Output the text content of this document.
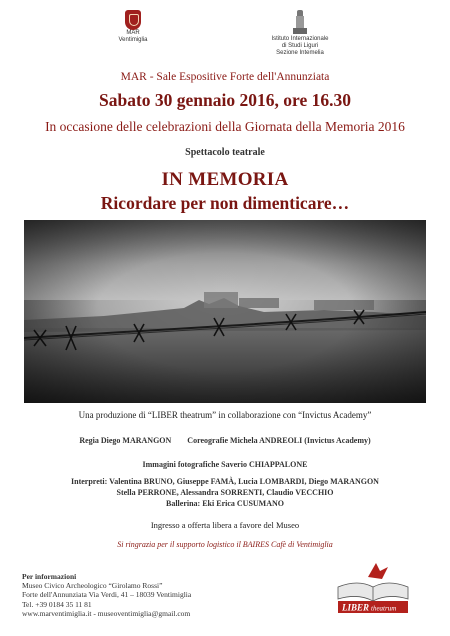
MAR
Ventimiglia	Istituto Internazionale
di Studi Liguri
Sezione Intemelia
MAR - Sale Espositive Forte dell'Annunziata
Sabato 30 gennaio 2016, ore 16.30
In occasione delle celebrazioni della Giornata della Memoria 2016
Spettacolo teatrale
IN MEMORIA
Ricordare per non dimenticare…
Una produzione di “LIBER theatrum” in collaborazione con “Invictus Academy”
Regia Diego MARANGON Coreografie Michela ANDREOLI (Invictus Academy)
Immagini fotografiche Saverio CHIAPPALONE
Interpreti: Valentina BRUNO, Giuseppe FAMÀ, Lucia LOMBARDI, Diego MARANGON
Stella PERRONE, Alessandra SORRENTI, Claudio VECCHIO
Ballerina: Eki Erica CUSUMANO
Ingresso a offerta libera a favore del Museo
Si ringrazia per il supporto logistico il BAIRES Cafè di Ventimiglia
Per informazioni
Museo Civico Archeologico “Girolamo Rossi”
Forte dell'Annunziata Via Verdi, 41 – 18039 Ventimiglia
Tel. +39 0184 35 11 81
www.marventimiglia.it - museoventimiglia@gmail.com
LIBER theatrum
